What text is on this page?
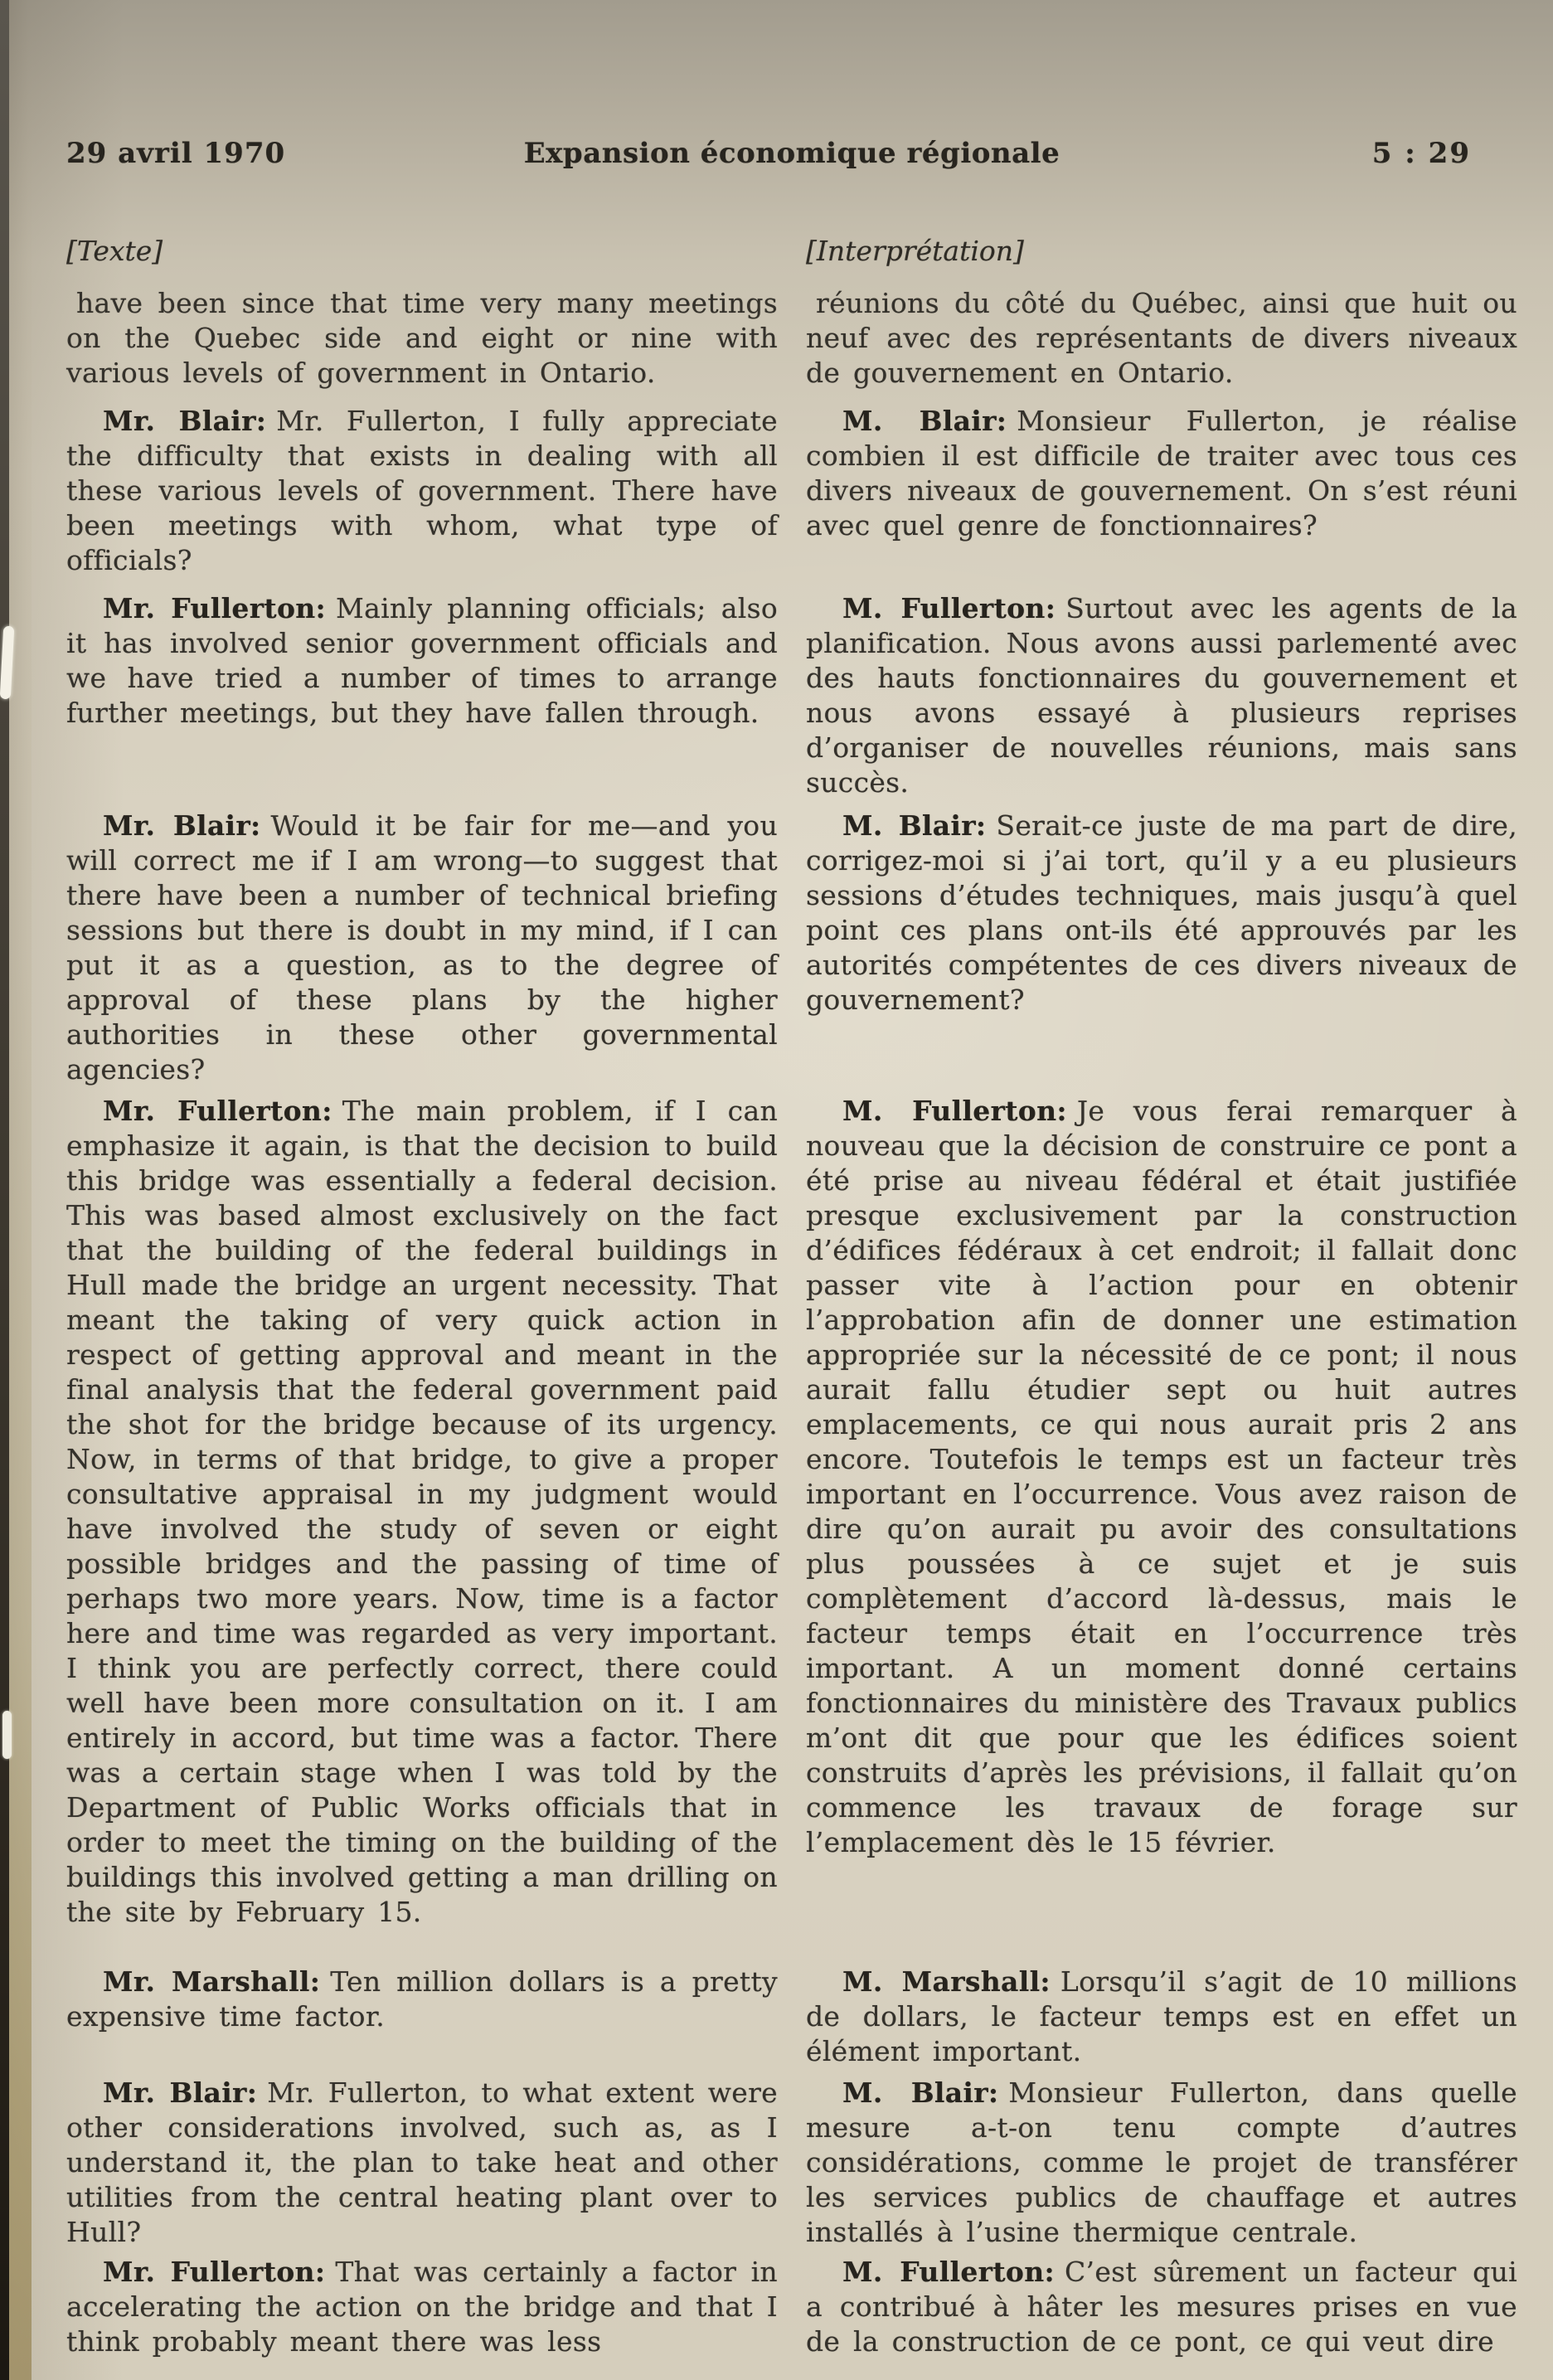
29 avril 1970	Expansion économique régionale	5 : 29
[Texte]	[Interprétation]

have been since that time very many meetings on the Quebec side and eight or nine with various levels of government in Ontario.

réunions du côté du Québec, ainsi que huit ou neuf avec des représentants de divers niveaux de gouvernement en Ontario.

Mr. Blair: Mr. Fullerton, I fully appreciate the difficulty that exists in dealing with all these various levels of government. There have been meetings with whom, what type of officials?

M. Blair: Monsieur Fullerton, je réalise combien il est difficile de traiter avec tous ces divers niveaux de gouvernement. On s’est réuni avec quel genre de fonctionnaires?

Mr. Fullerton: Mainly planning officials; also it has involved senior government officials and we have tried a number of times to arrange further meetings, but they have fallen through.

M. Fullerton: Surtout avec les agents de la planification. Nous avons aussi parlementé avec des hauts fonctionnaires du gouvernement et nous avons essayé à plusieurs reprises d’organiser de nouvelles réunions, mais sans succès.

Mr. Blair: Would it be fair for me—and you will correct me if I am wrong—to suggest that there have been a number of technical briefing sessions but there is doubt in my mind, if I can put it as a question, as to the degree of approval of these plans by the higher authorities in these other governmental agencies?

M. Blair: Serait-ce juste de ma part de dire, corrigez-moi si j’ai tort, qu’il y a eu plusieurs sessions d’études techniques, mais jusqu’à quel point ces plans ont-ils été approuvés par les autorités compétentes de ces divers niveaux de gouvernement?

Mr. Fullerton: The main problem, if I can emphasize it again, is that the decision to build this bridge was essentially a federal decision. This was based almost exclusively on the fact that the building of the federal buildings in Hull made the bridge an urgent necessity. That meant the taking of very quick action in respect of getting approval and meant in the final analysis that the federal government paid the shot for the bridge because of its urgency. Now, in terms of that bridge, to give a proper consultative appraisal in my judgment would have involved the study of seven or eight possible bridges and the passing of time of perhaps two more years. Now, time is a factor here and time was regarded as very important. I think you are perfectly correct, there could well have been more consultation on it. I am entirely in accord, but time was a factor. There was a certain stage when I was told by the Department of Public Works officials that in order to meet the timing on the building of the buildings this involved getting a man drilling on the site by February 15.

M. Fullerton: Je vous ferai remarquer à nouveau que la décision de construire ce pont a été prise au niveau fédéral et était justifiée presque exclusivement par la construction d’édifices fédéraux à cet endroit; il fallait donc passer vite à l’action pour en obtenir l’approbation afin de donner une estimation appropriée sur la nécessité de ce pont; il nous aurait fallu étudier sept ou huit autres emplacements, ce qui nous aurait pris 2 ans encore. Toutefois le temps est un facteur très important en l’occurrence. Vous avez raison de dire qu’on aurait pu avoir des consultations plus poussées à ce sujet et je suis complètement d’accord là-dessus, mais le facteur temps était en l’occurrence très important. A un moment donné certains fonctionnaires du ministère des Travaux publics m’ont dit que pour que les édifices soient construits d’après les prévisions, il fallait qu’on commence les travaux de forage sur l’emplacement dès le 15 février.

Mr. Marshall: Ten million dollars is a pretty expensive time factor.

M. Marshall: Lorsqu’il s’agit de 10 millions de dollars, le facteur temps est en effet un élément important.

Mr. Blair: Mr. Fullerton, to what extent were other considerations involved, such as, as I understand it, the plan to take heat and other utilities from the central heating plant over to Hull?

M. Blair: Monsieur Fullerton, dans quelle mesure a-t-on tenu compte d’autres considérations, comme le projet de transférer les services publics de chauffage et autres installés à l’usine thermique centrale.

Mr. Fullerton: That was certainly a factor in accelerating the action on the bridge and that I think probably meant there was less

M. Fullerton: C’est sûrement un facteur qui a contribué à hâter les mesures prises en vue de la construction de ce pont, ce qui veut dire
